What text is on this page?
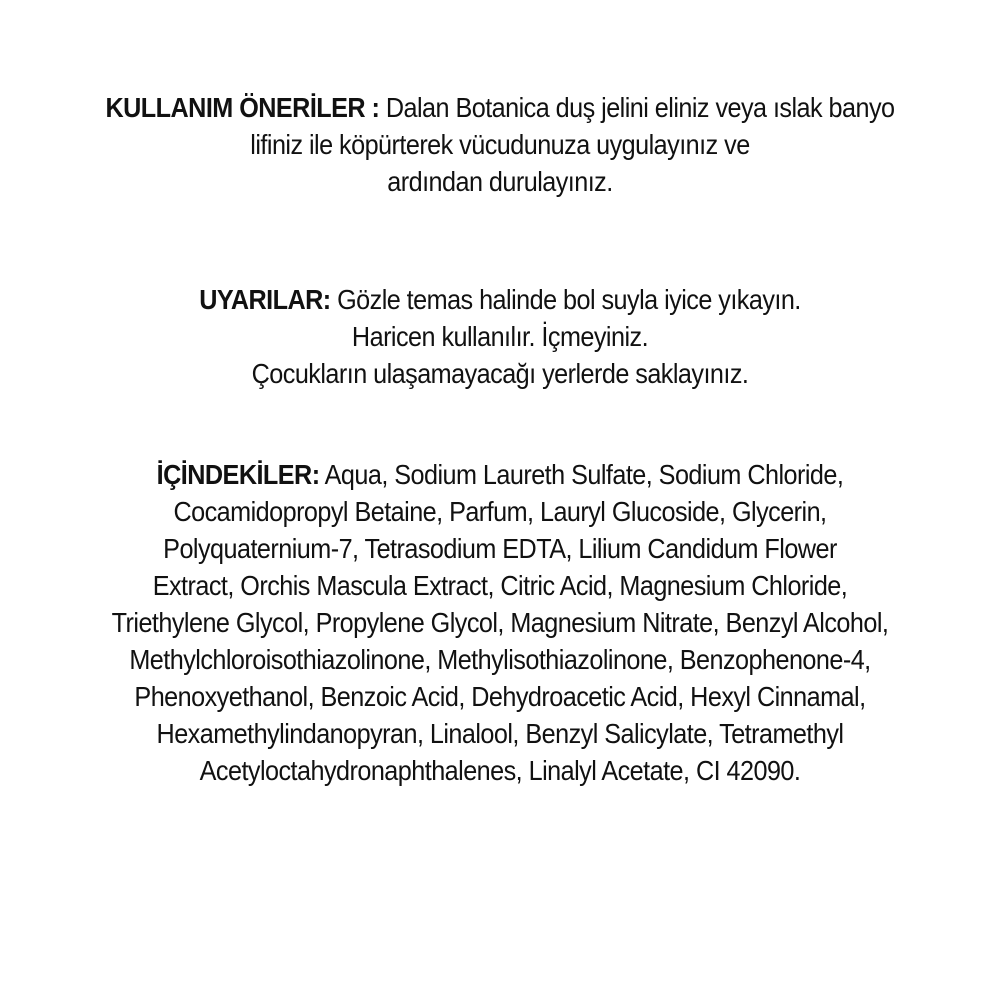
KULLANIM ÖNERİLER : Dalan Botanica duş jelini eliniz veya ıslak banyo
lifiniz ile köpürterek vücudunuza uygulayınız ve
ardından durulayınız.
UYARILAR: Gözle temas halinde bol suyla iyice yıkayın.
Haricen kullanılır. İçmeyiniz.
Çocukların ulaşamayacağı yerlerde saklayınız.
İÇİNDEKİLER: Aqua, Sodium Laureth Sulfate, Sodium Chloride,
Cocamidopropyl Betaine, Parfum, Lauryl Glucoside, Glycerin,
Polyquaternium-7, Tetrasodium EDTA, Lilium Candidum Flower
Extract, Orchis Mascula Extract, Citric Acid, Magnesium Chloride,
Triethylene Glycol, Propylene Glycol, Magnesium Nitrate, Benzyl Alcohol,
Methylchloroisothiazolinone, Methylisothiazolinone, Benzophenone-4,
Phenoxyethanol, Benzoic Acid, Dehydroacetic Acid, Hexyl Cinnamal,
Hexamethylindanopyran, Linalool, Benzyl Salicylate, Tetramethyl
Acetyloctahydronaphthalenes, Linalyl Acetate, CI 42090.
